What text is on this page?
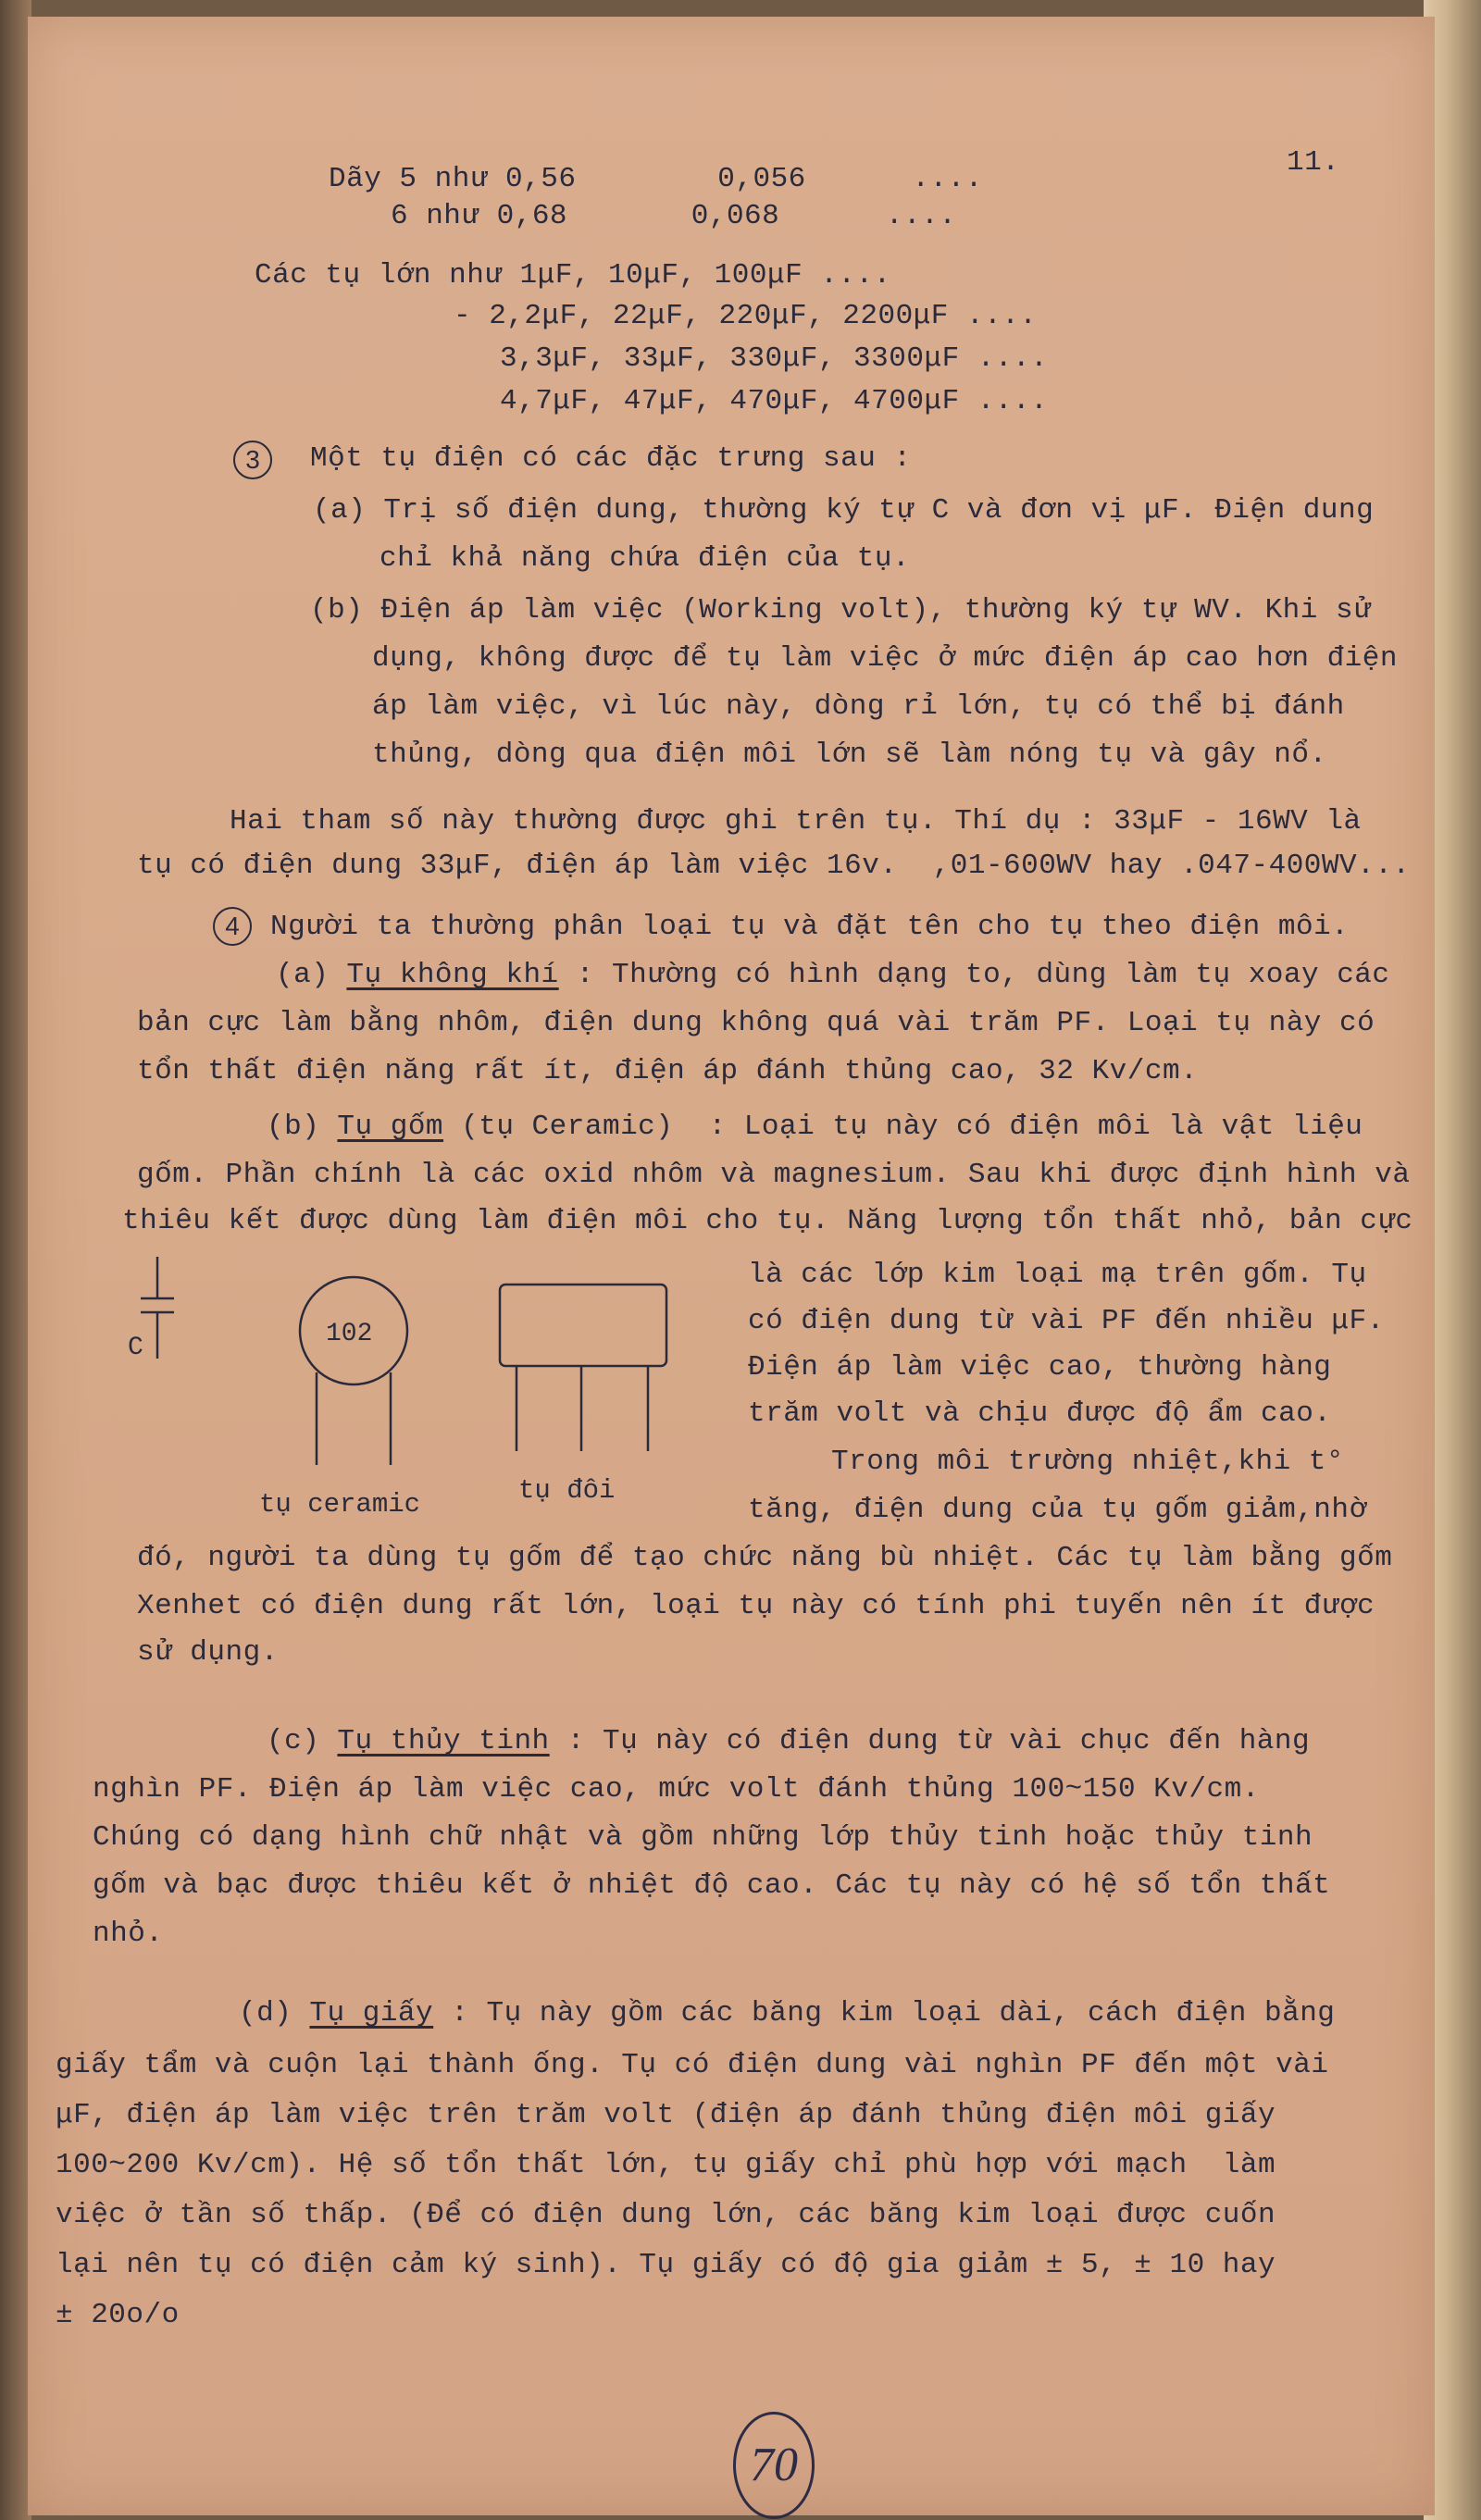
11.
Dãy 5 như 0,56        0,056      ....
6 như 0,68       0,068      ....
Các tụ lớn như 1μF, 10μF, 100μF ....
- 2,2μF, 22μF, 220μF, 2200μF ....
3,3μF, 33μF, 330μF, 3300μF ....
4,7μF, 47μF, 470μF, 4700μF ....
3	Một tụ điện có các đặc trưng sau :
(a) Trị số điện dung, thường ký tự C và đơn vị μF. Điện dung
chỉ khả năng chứa điện của tụ.
(b) Điện áp làm việc (Working volt), thường ký tự WV. Khi sử
dụng, không được để tụ làm việc ở mức điện áp cao hơn điện
áp làm việc, vì lúc này, dòng rỉ lớn, tụ có thể bị đánh
thủng, dòng qua điện môi lớn sẽ làm nóng tụ và gây nổ.
Hai tham số này thường được ghi trên tụ. Thí dụ : 33μF - 16WV là
tụ có điện dung 33μF, điện áp làm việc 16v.  ,01-600WV hay .047-400WV...
4	Người ta thường phân loại tụ và đặt tên cho tụ theo điện môi.
(a) Tụ không khí : Thường có hình dạng to, dùng làm tụ xoay các
bản cực làm bằng nhôm, điện dung không quá vài trăm PF. Loại tụ này có
tổn thất điện năng rất ít, điện áp đánh thủng cao, 32 Kv/cm.
(b) Tụ gốm (tụ Ceramic)  : Loại tụ này có điện môi là vật liệu
gốm. Phần chính là các oxid nhôm và magnesium. Sau khi được định hình và
thiêu kết được dùng làm điện môi cho tụ. Năng lượng tổn thất nhỏ, bản cực
là các lớp kim loại mạ trên gốm. Tụ
có điện dung từ vài PF đến nhiều μF.
Điện áp làm việc cao, thường hàng
trăm volt và chịu được độ ẩm cao.
Trong môi trường nhiệt,khi t°
tăng, điện dung của tụ gốm giảm,nhờ
C	102
tụ ceramic	tụ đôi
đó, người ta dùng tụ gốm để tạo chức năng bù nhiệt. Các tụ làm bằng gốm
Xenhet có điện dung rất lớn, loại tụ này có tính phi tuyến nên ít được
sử dụng.
(c) Tụ thủy tinh : Tụ này có điện dung từ vài chục đến hàng
nghìn PF. Điện áp làm việc cao, mức volt đánh thủng 100~150 Kv/cm.
Chúng có dạng hình chữ nhật và gồm những lớp thủy tinh hoặc thủy tinh
gốm và bạc được thiêu kết ở nhiệt độ cao. Các tụ này có hệ số tổn thất
nhỏ.
(d) Tụ giấy : Tụ này gồm các băng kim loại dài, cách điện bằng
giấy tẩm và cuộn lại thành ống. Tụ có điện dung vài nghìn PF đến một vài
μF, điện áp làm việc trên trăm volt (điện áp đánh thủng điện môi giấy
100~200 Kv/cm). Hệ số tổn thất lớn, tụ giấy chỉ phù hợp với mạch  làm
việc ở tần số thấp. (Để có điện dung lớn, các băng kim loại được cuốn
lại nên tụ có điện cảm ký sinh). Tụ giấy có độ gia giảm ± 5, ± 10 hay
± 20o/o
70
